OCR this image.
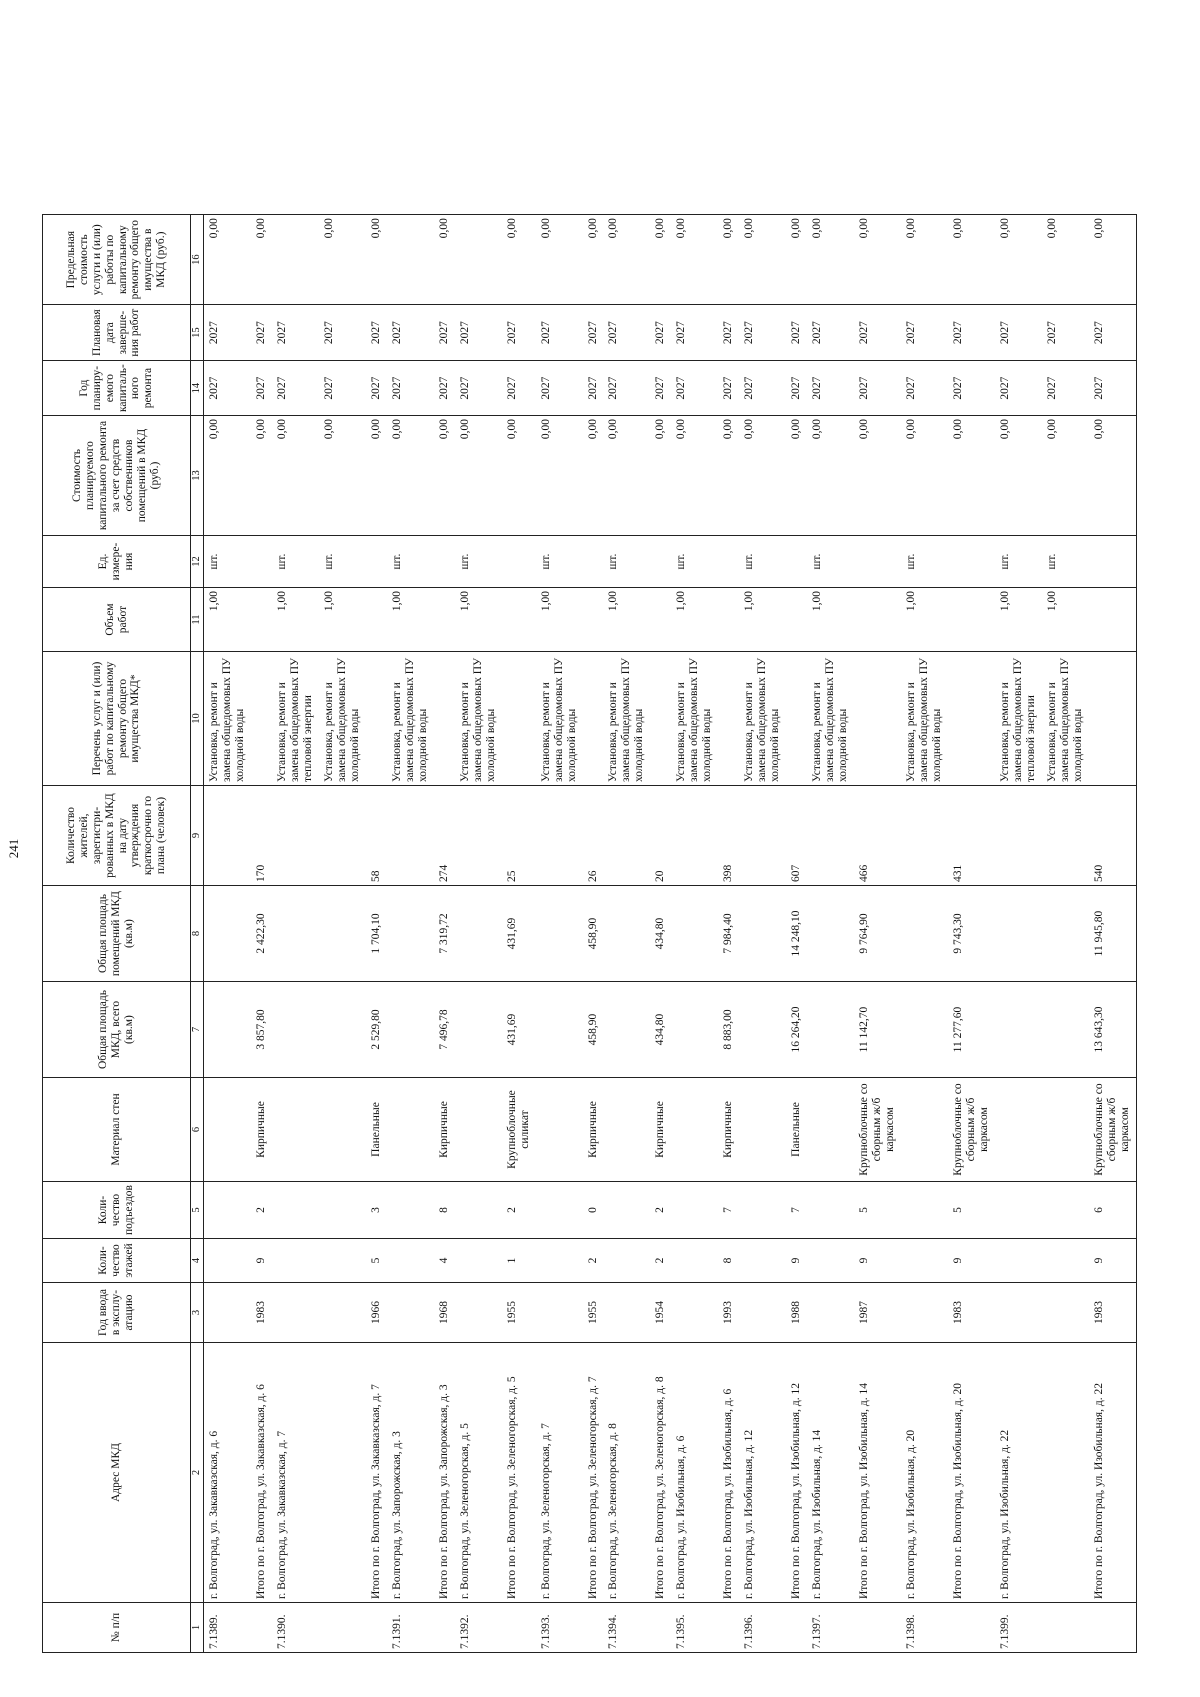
241
№ п/п	Адрес МКД	Год ввода в эксплу-атацию	Коли-чество этажей	Коли-чество подъездов	Материал стен	Общая площадь МКД, всего (кв.м)	Общая площадь помещений МКД (кв.м)	Количество жителей, зарегистри-рованных в МКД на дату утверждения краткосрочно го плана (человек)	Перечень услуг и (или) работ по капитальному ремонту общего имущества МКД*	Объем работ	Ед. измере-ния	Стоимость планируемого капитального ремонта за счет средств собственников помещений в МКД (руб.)	Год планиру-емого капиталь-ного ремонта	Плановая дата заверше-ния работ	Предельная стоимость услуги и (или) работы по капитальному ремонту общего имущества в МКД (руб.)
1	2	3	4	5	6	7	8	9	10	11	12	13	14	15	16
7.1389.	г. Волгоград, ул. Закавказская, д. 6								Установка, ремонт и замена общедомовых ПУ холодной воды	1,00	шт.	0,00	2027	2027	0,00
	Итого по г. Волгоград, ул. Закавказская, д. 6	1983	9	2	Кирпичные	3 857,80	2 422,30	170				0,00	2027	2027	0,00
7.1390.	г. Волгоград, ул. Закавказская, д. 7								Установка, ремонт и замена общедомовых ПУ тепловой энергии	1,00	шт.	0,00	2027	2027	
									Установка, ремонт и замена общедомовых ПУ холодной воды	1,00	шт.	0,00	2027	2027	0,00
	Итого по г. Волгоград, ул. Закавказская, д. 7	1966	5	3	Панельные	2 529,80	1 704,10	58				0,00	2027	2027	0,00
7.1391.	г. Волгоград, ул. Запорожская, д. 3								Установка, ремонт и замена общедомовых ПУ холодной воды	1,00	шт.	0,00	2027	2027	
	Итого по г. Волгоград, ул. Запорожская, д. 3	1968	4	8	Кирпичные	7 496,78	7 319,72	274				0,00	2027	2027	0,00
7.1392.	г. Волгоград, ул. Зеленогорская, д. 5								Установка, ремонт и замена общедомовых ПУ холодной воды	1,00	шт.	0,00	2027	2027	
	Итого по г. Волгоград, ул. Зеленогорская, д. 5	1955	1	2	Крупноблочные силикат	431,69	431,69	25				0,00	2027	2027	0,00
7.1393.	г. Волгоград, ул. Зеленогорская, д. 7								Установка, ремонт и замена общедомовых ПУ холодной воды	1,00	шт.	0,00	2027	2027	0,00
	Итого по г. Волгоград, ул. Зеленогорская, д. 7	1955	2	0	Кирпичные	458,90	458,90	26				0,00	2027	2027	0,00
7.1394.	г. Волгоград, ул. Зеленогорская, д. 8								Установка, ремонт и замена общедомовых ПУ холодной воды	1,00	шт.	0,00	2027	2027	0,00
	Итого по г. Волгоград, ул. Зеленогорская, д. 8	1954	2	2	Кирпичные	434,80	434,80	20				0,00	2027	2027	0,00
7.1395.	г. Волгоград, ул. Изобильная, д. 6								Установка, ремонт и замена общедомовых ПУ холодной воды	1,00	шт.	0,00	2027	2027	0,00
	Итого по г. Волгоград, ул. Изобильная, д. 6	1993	8	7	Кирпичные	8 883,00	7 984,40	398				0,00	2027	2027	0,00
7.1396.	г. Волгоград, ул. Изобильная, д. 12								Установка, ремонт и замена общедомовых ПУ холодной воды	1,00	шт.	0,00	2027	2027	0,00
	Итого по г. Волгоград, ул. Изобильная, д. 12	1988	9	7	Панельные	16 264,20	14 248,10	607				0,00	2027	2027	0,00
7.1397.	г. Волгоград, ул. Изобильная, д. 14								Установка, ремонт и замена общедомовых ПУ холодной воды	1,00	шт.	0,00	2027	2027	0,00
	Итого по г. Волгоград, ул. Изобильная, д. 14	1987	9	5	Крупноблочные со сборным ж/б каркасом	11 142,70	9 764,90	466				0,00	2027	2027	0,00
7.1398.	г. Волгоград, ул. Изобильная, д. 20								Установка, ремонт и замена общедомовых ПУ холодной воды	1,00	шт.	0,00	2027	2027	0,00
	Итого по г. Волгоград, ул. Изобильная, д. 20	1983	9	5	Крупноблочные со сборным ж/б каркасом	11 277,60	9 743,30	431				0,00	2027	2027	0,00
7.1399.	г. Волгоград, ул. Изобильная, д. 22								Установка, ремонт и замена общедомовых ПУ тепловой энергии	1,00	шт.	0,00	2027	2027	0,00
									Установка, ремонт и замена общедомовых ПУ холодной воды	1,00	шт.	0,00	2027	2027	0,00
	Итого по г. Волгоград, ул. Изобильная, д. 22	1983	9	6	Крупноблочные со сборным ж/б каркасом	13 643,30	11 945,80	540				0,00	2027	2027	0,00
